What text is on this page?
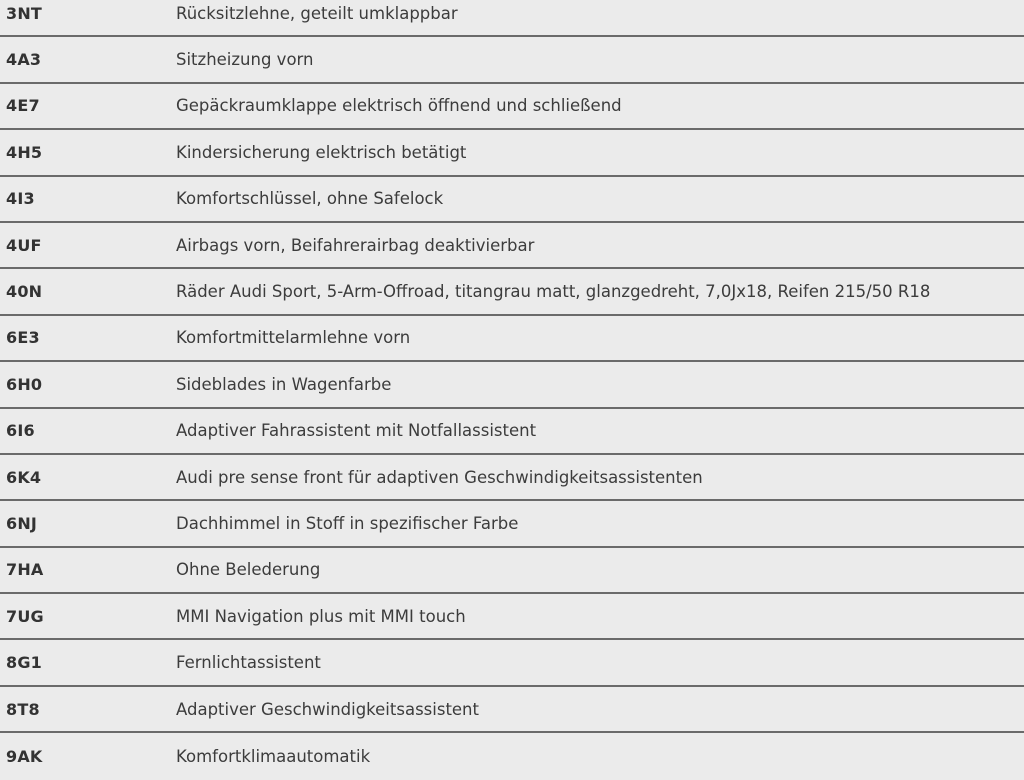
3NT	Rücksitzlehne, geteilt umklappbar
4A3	Sitzheizung vorn
4E7	Gepäckraumklappe elektrisch öffnend und schließend
4H5	Kindersicherung elektrisch betätigt
4I3	Komfortschlüssel, ohne Safelock
4UF	Airbags vorn, Beifahrerairbag deaktivierbar
40N	Räder Audi Sport, 5-Arm-Offroad, titangrau matt, glanzgedreht, 7,0Jx18, Reifen 215/50 R18
6E3	Komfortmittelarmlehne vorn
6H0	Sideblades in Wagenfarbe
6I6	Adaptiver Fahrassistent mit Notfallassistent
6K4	Audi pre sense front für adaptiven Geschwindigkeitsassistenten
6NJ	Dachhimmel in Stoff in spezifischer Farbe
7HA	Ohne Belederung
7UG	MMI Navigation plus mit MMI touch
8G1	Fernlichtassistent
8T8	Adaptiver Geschwindigkeitsassistent
9AK	Komfortklimaautomatik
